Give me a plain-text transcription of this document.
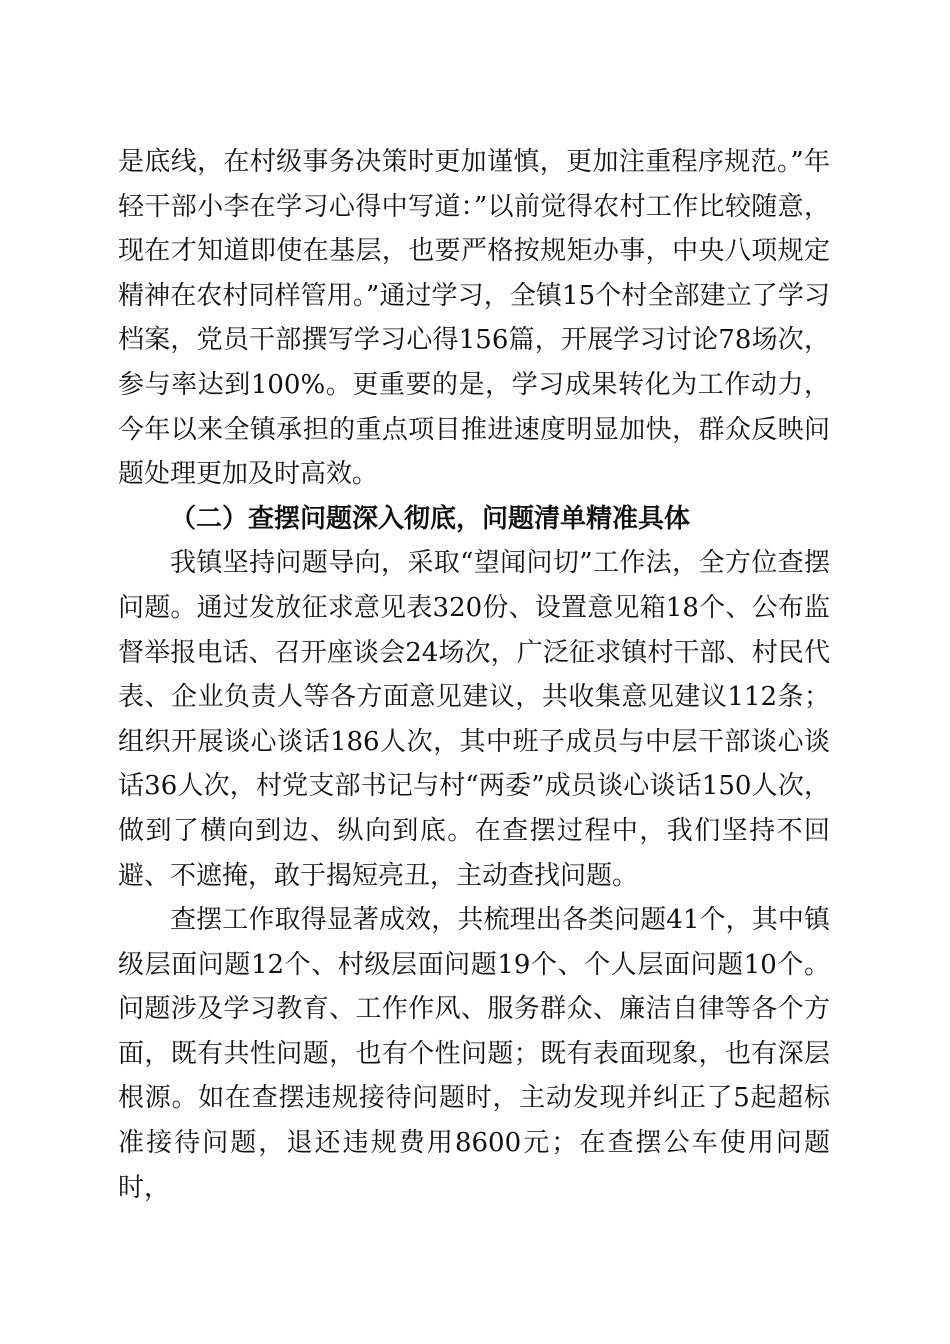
是底线，在村级事务决策时更加谨慎，更加注重程序规范。”年轻干部小李在学习心得中写道：”以前觉得农村工作比较随意，现在才知道即使在基层，也要严格按规矩办事，中央八项规定精神在农村同样管用。”通过学习，全镇15个村全部建立了学习档案，党员干部撰写学习心得156篇，开展学习讨论78场次，参与率达到100%。更重要的是，学习成果转化为工作动力，今年以来全镇承担的重点项目推进速度明显加快，群众反映问题处理更加及时高效。

（二）查摆问题深入彻底，问题清单精准具体

我镇坚持问题导向，采取“望闻问切”工作法，全方位查摆问题。通过发放征求意见表320份、设置意见箱18个、公布监督举报电话、召开座谈会24场次，广泛征求镇村干部、村民代表、企业负责人等各方面意见建议，共收集意见建议112条；组织开展谈心谈话186人次，其中班子成员与中层干部谈心谈话36人次，村党支部书记与村“两委”成员谈心谈话150人次，做到了横向到边、纵向到底。在查摆过程中，我们坚持不回避、不遮掩，敢于揭短亮丑，主动查找问题。

查摆工作取得显著成效，共梳理出各类问题41个，其中镇级层面问题12个、村级层面问题19个、个人层面问题10个。问题涉及学习教育、工作作风、服务群众、廉洁自律等各个方面，既有共性问题，也有个性问题；既有表面现象，也有深层根源。如在查摆违规接待问题时，主动发现并纠正了5起超标准接待问题，退还违规费用8600元；在查摆公车使用问题时，
